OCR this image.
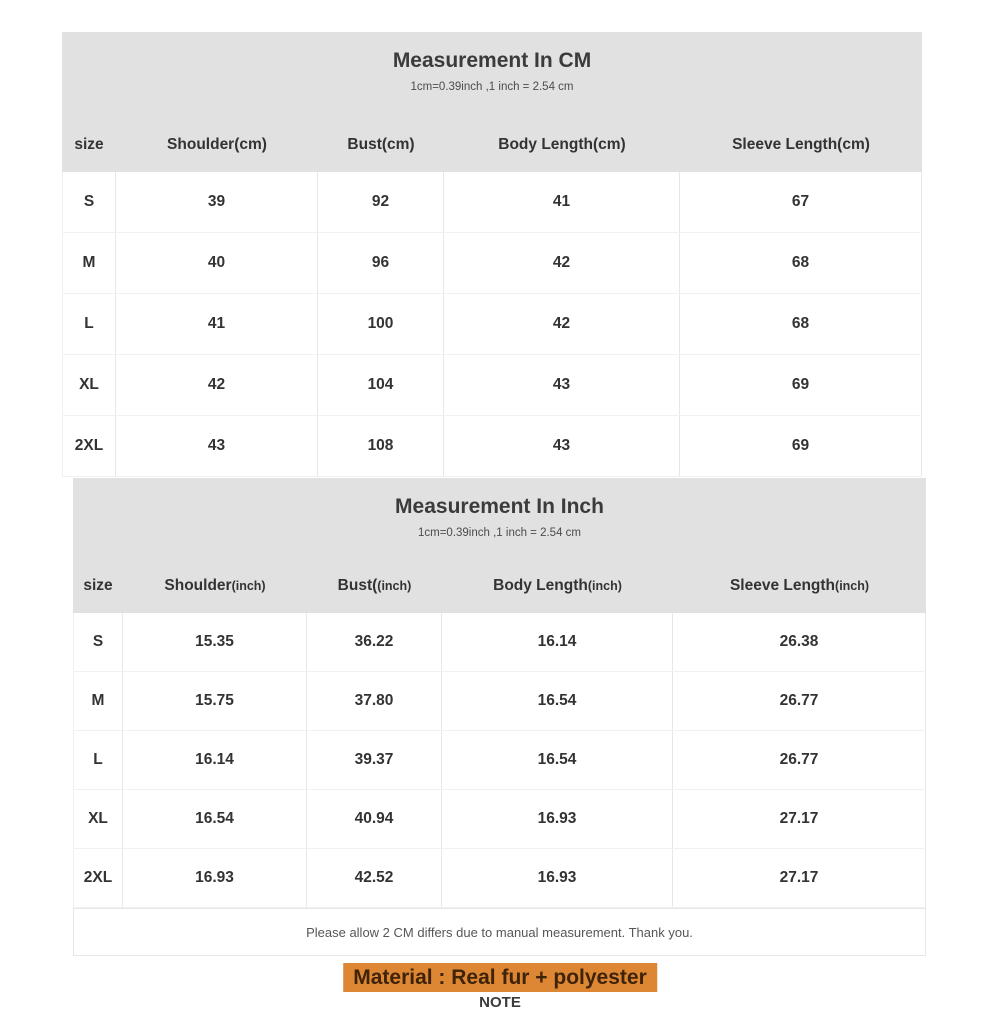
Measurement In CM
1cm=0.39inch ,1 inch = 2.54 cm
size	Shoulder(cm)	Bust(cm)	Body Length(cm)	Sleeve Length(cm)
S	39	92	41	67
M	40	96	42	68
L	41	100	42	68
XL	42	104	43	69
2XL	43	108	43	69
Measurement In Inch
1cm=0.39inch ,1 inch = 2.54 cm
size	Shoulder(inch)	Bust((inch)	Body Length(inch)	Sleeve Length(inch)
S	15.35	36.22	16.14	26.38
M	15.75	37.80	16.54	26.77
L	16.14	39.37	16.54	26.77
XL	16.54	40.94	16.93	27.17
2XL	16.93	42.52	16.93	27.17
Please allow 2 CM differs due to manual measurement. Thank you.
Material : Real fur + polyester
NOTE
